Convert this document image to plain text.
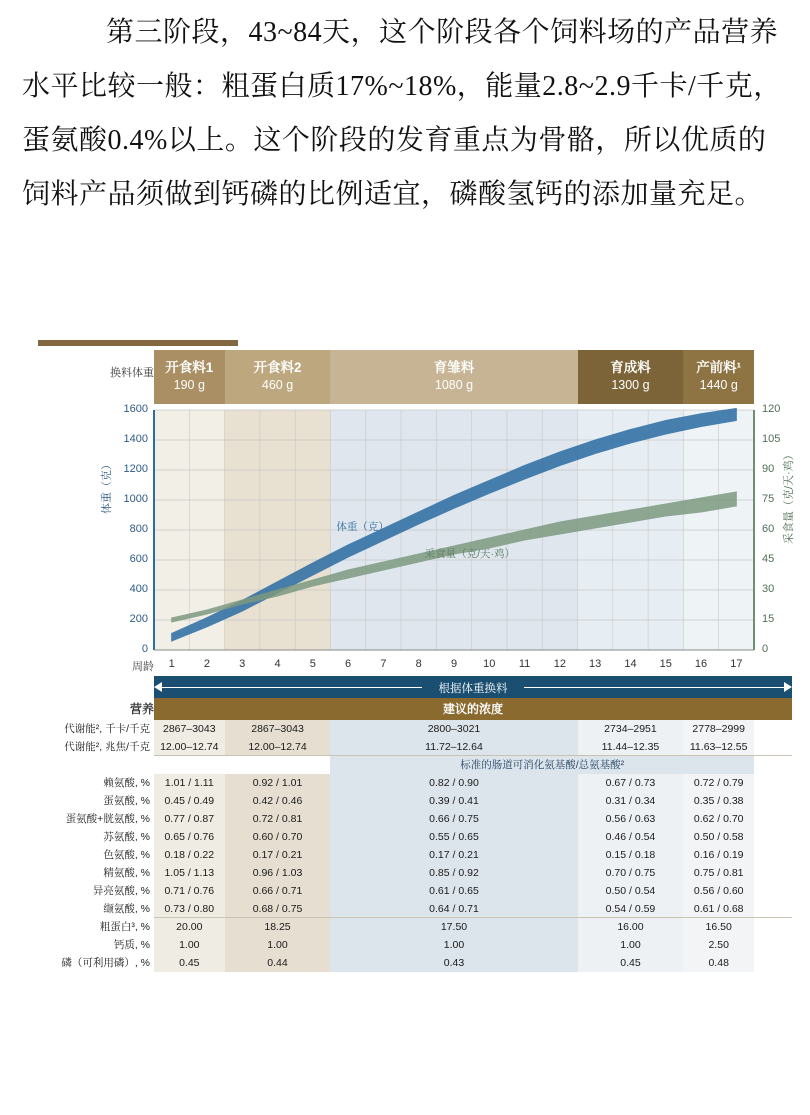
第三阶段，43~84天，这个阶段各个饲料场的产品营养水平比较一般：粗蛋白质17%~18%，能量2.8~2.9千卡/千克，蛋氨酸0.4%以上。这个阶段的发育重点为骨骼，所以优质的饲料产品须做到钙磷的比例适宜，磷酸氢钙的添加量充足。
换料体重 开食料1
190 g
开食料2
460 g
育雏料
1080 g
育成料
1300 g
产前料¹
1440 g
0
200
400
600
800
1000
1200
1400
1600
0
15
30
45
60
75
90
105
120
体重（克）	采食量（克/天·鸡）
体重（克）
采食量（克/天·鸡）
周龄	1	2	3	4	5	6	7	8	9	10	11	12	13	14	15	16	17
根据体重换料
营养	建议的浓度
代谢能², 千卡/千克	2867–3043	2867–3043	2800–3021	2734–2951	2778–2999
代谢能², 兆焦/千克 12.00–12.74	12.00–12.74	11.72–12.64	11.44–12.35	11.63–12.55
标准的肠道可消化氨基酸/总氨基酸²
赖氨酸, %	1.01 / 1.11	0.92 / 1.01	0.82 / 0.90	0.67 / 0.73	0.72 / 0.79
蛋氨酸, %	0.45 / 0.49	0.42 / 0.46	0.39 / 0.41	0.31 / 0.34	0.35 / 0.38
蛋氨酸+胱氨酸, %	0.77 / 0.87	0.72 / 0.81	0.66 / 0.75	0.56 / 0.63	0.62 / 0.70
苏氨酸, %	0.65 / 0.76	0.60 / 0.70	0.55 / 0.65	0.46 / 0.54	0.50 / 0.58
色氨酸, %	0.18 / 0.22	0.17 / 0.21	0.17 / 0.21	0.15 / 0.18	0.16 / 0.19
精氨酸, %	1.05 / 1.13	0.96 / 1.03	0.85 / 0.92	0.70 / 0.75	0.75 / 0.81
异亮氨酸, %	0.71 / 0.76	0.66 / 0.71	0.61 / 0.65	0.50 / 0.54	0.56 / 0.60
缬氨酸, %	0.73 / 0.80	0.68 / 0.75	0.64 / 0.71	0.54 / 0.59	0.61 / 0.68
粗蛋白³, %	20.00	18.25	17.50	16.00	16.50
钙质, %	1.00	1.00	1.00	1.00	2.50
磷（可利用磷）, %	0.45	0.44	0.43	0.45	0.48
